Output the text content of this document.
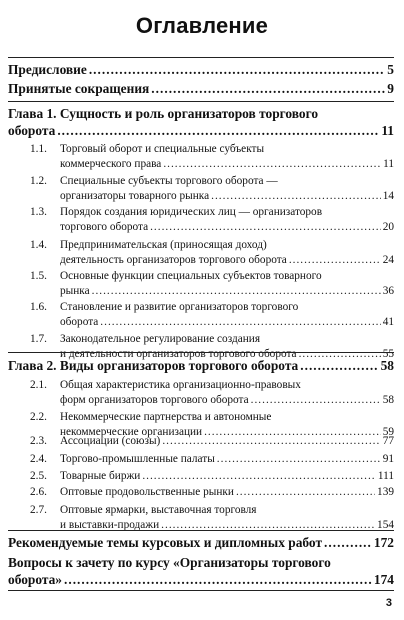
Оглавление
Предисловие .....	5
Принятые сокращения .....	9
Глава 1. Сущность и роль организаторов торгового
оборота .....	11
1.1. Торговый оборот и специальные субъекты
коммерческого права .....	11
1.2. Специальные субъекты торгового оборота —
организаторы товарного рынка .....	14
1.3. Порядок создания юридических лиц — организаторов
торгового оборота .....	20
1.4. Предпринимательская (приносящая доход)
деятельность организаторов торгового оборота .....	24
1.5. Основные функции специальных субъектов товарного
рынка .....	36
1.6. Становление и развитие организаторов торгового
оборота .....	41
1.7. Законодательное регулирование создания
и деятельности организаторов торгового оборота .....	55
Глава 2. Виды организаторов торгового оборота .....	58
2.1. Общая характеристика организационно-правовых
форм организаторов торгового оборота .....	58
2.2. Некоммерческие партнерства и автономные
некоммерческие организации .....	59
2.3. Ассоциации (союзы) .....	77
2.4. Торгово-промышленные палаты .....	91
2.5. Товарные биржи .....	111
2.6. Оптовые продовольственные рынки .....	139
2.7. Оптовые ярмарки, выставочная торговля
и выставки-продажи .....	154
Рекомендуемые темы курсовых и дипломных работ .....	172
Вопросы к зачету по курсу «Организаторы торгового
оборота» .....	174
3
